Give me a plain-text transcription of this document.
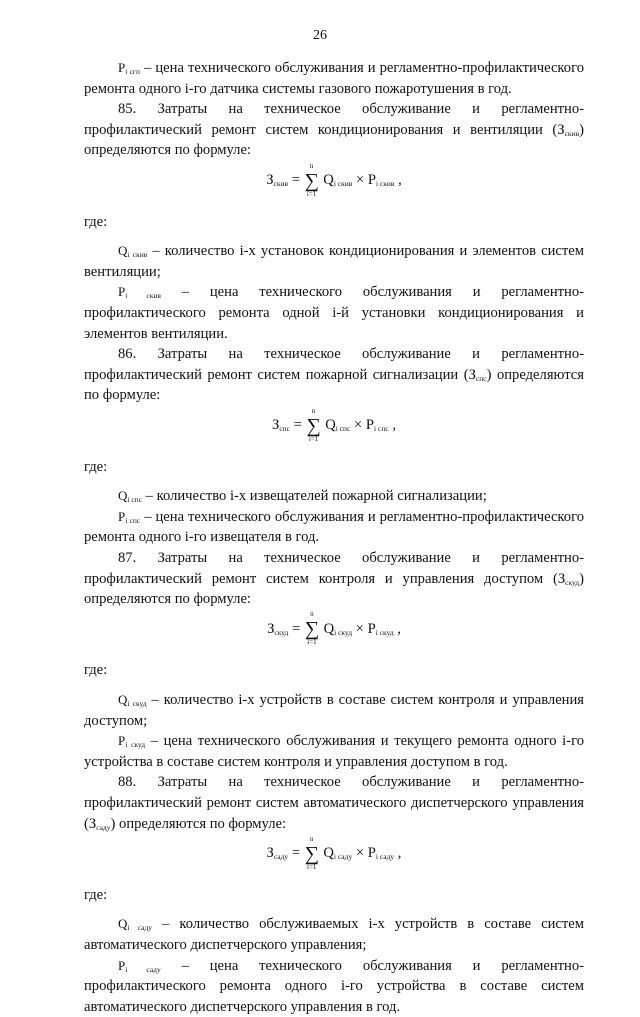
26

$P_{i сгп}$ – цена технического обслуживания и регламентно-профилактического ремонта одного i-го датчика системы газового пожаротушения в год.

85. Затраты на техническое обслуживание и регламентно-профилактический ремонт систем кондиционирования и вентиляции $(З_{скив})$ определяются по формуле:

$З_{скив}$ =
n
∑
i=1
$Q_{i скив} \times P_{i скив}$ ,

где:

$Q_{i скив}$ – количество i-х установок кондиционирования и элементов систем вентиляции;

$P_{i скив}$ – цена технического обслуживания и регламентно-профилактического ремонта одной i-й установки кондиционирования и элементов вентиляции.

86. Затраты на техническое обслуживание и регламентно-профилактический ремонт систем пожарной сигнализации $(З_{спс})$ определяются по формуле:

$З_{спс}$ =
n
∑
i=1
$Q_{i спс} \times P_{i спс}$ ,

где:

$Q_{i спс}$ – количество i-х извещателей пожарной сигнализации;

$P_{i спс}$ – цена технического обслуживания и регламентно-профилактического ремонта одного i-го извещателя в год.

87. Затраты на техническое обслуживание и регламентно-профилактический ремонт систем контроля и управления доступом $(З_{скуд})$ определяются по формуле:

$З_{скуд}$ =
n
∑
i=1
$Q_{i скуд} \times P_{i скуд}$ ,

где:

$Q_{i скуд}$ – количество i-х устройств в составе систем контроля и управления доступом;

$P_{i скуд}$ – цена технического обслуживания и текущего ремонта одного i-го устройства в составе систем контроля и управления доступом в год.

88. Затраты на техническое обслуживание и регламентно-профилактический ремонт систем автоматического диспетчерского управления $(З_{саду})$ определяются по формуле:

$З_{саду}$ =
n
∑
i=1
$Q_{i саду} \times P_{i саду}$ ,

где:

$Q_{i саду}$ – количество обслуживаемых i-х устройств в составе систем автоматического диспетчерского управления;

$P_{i саду}$ – цена технического обслуживания и регламентно-профилактического ремонта одного i-го устройства в составе систем автоматического диспетчерского управления в год.
